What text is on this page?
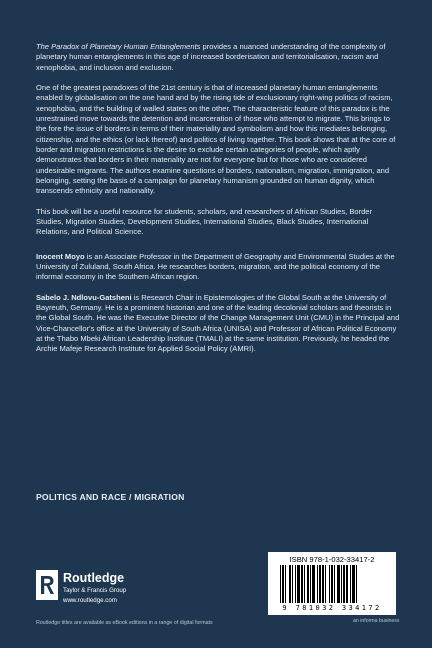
The Paradox of Planetary Human Entanglements provides a nuanced understanding of the complexity of planetary human entanglements in this age of increased borderisation and territorialisation, racism and xenophobia, and inclusion and exclusion.

One of the greatest paradoxes of the 21st century is that of increased planetary human entanglements enabled by globalisation on the one hand and by the rising tide of exclusionary right-wing politics of racism, xenophobia, and the building of walled states on the other. The characteristic feature of this paradox is the unrestrained move towards the detention and incarceration of those who attempt to migrate. This brings to the fore the issue of borders in terms of their materiality and symbolism and how this mediates belonging, citizenship, and the ethics (or lack thereof) and politics of living together. This book shows that at the core of border and migration restrictions is the desire to exclude certain categories of people, which aptly demonstrates that borders in their materiality are not for everyone but for those who are considered undesirable migrants. The authors examine questions of borders, nationalism, migration, immigration, and belonging, setting the basis of a campaign for planetary humanism grounded on human dignity, which transcends ethnicity and nationality.

This book will be a useful resource for students, scholars, and researchers of African Studies, Border Studies, Migration Studies, Development Studies, International Studies, Black Studies, International Relations, and Political Science.

Inocent Moyo is an Associate Professor in the Department of Geography and Environmental Studies at the University of Zululand, South Africa. He researches borders, migration, and the political economy of the informal economy in the Southern African region.

Sabelo J. Ndlovu-Gatsheni is Research Chair in Epistemologies of the Global South at the University of Bayreuth, Germany. He is a prominent historian and one of the leading decolonial scholars and theorists in the Global South. He was the Executive Director of the Change Management Unit (CMU) in the Principal and Vice-Chancellor's office at the University of South Africa (UNISA) and Professor of African Political Economy at the Thabo Mbeki African Leadership Institute (TMALI) at the same institution. Previously, he headed the Archie Mafeje Research Institute for Applied Social Policy (AMRI).

POLITICS AND RACE / MIGRATION
Routledge
Taylor & Francis Group
www.routledge.com
ISBN 978-1-032-33417-2
9 781032 334172
an informa business
Routledge titles are available as eBook editions in a range of digital formats
